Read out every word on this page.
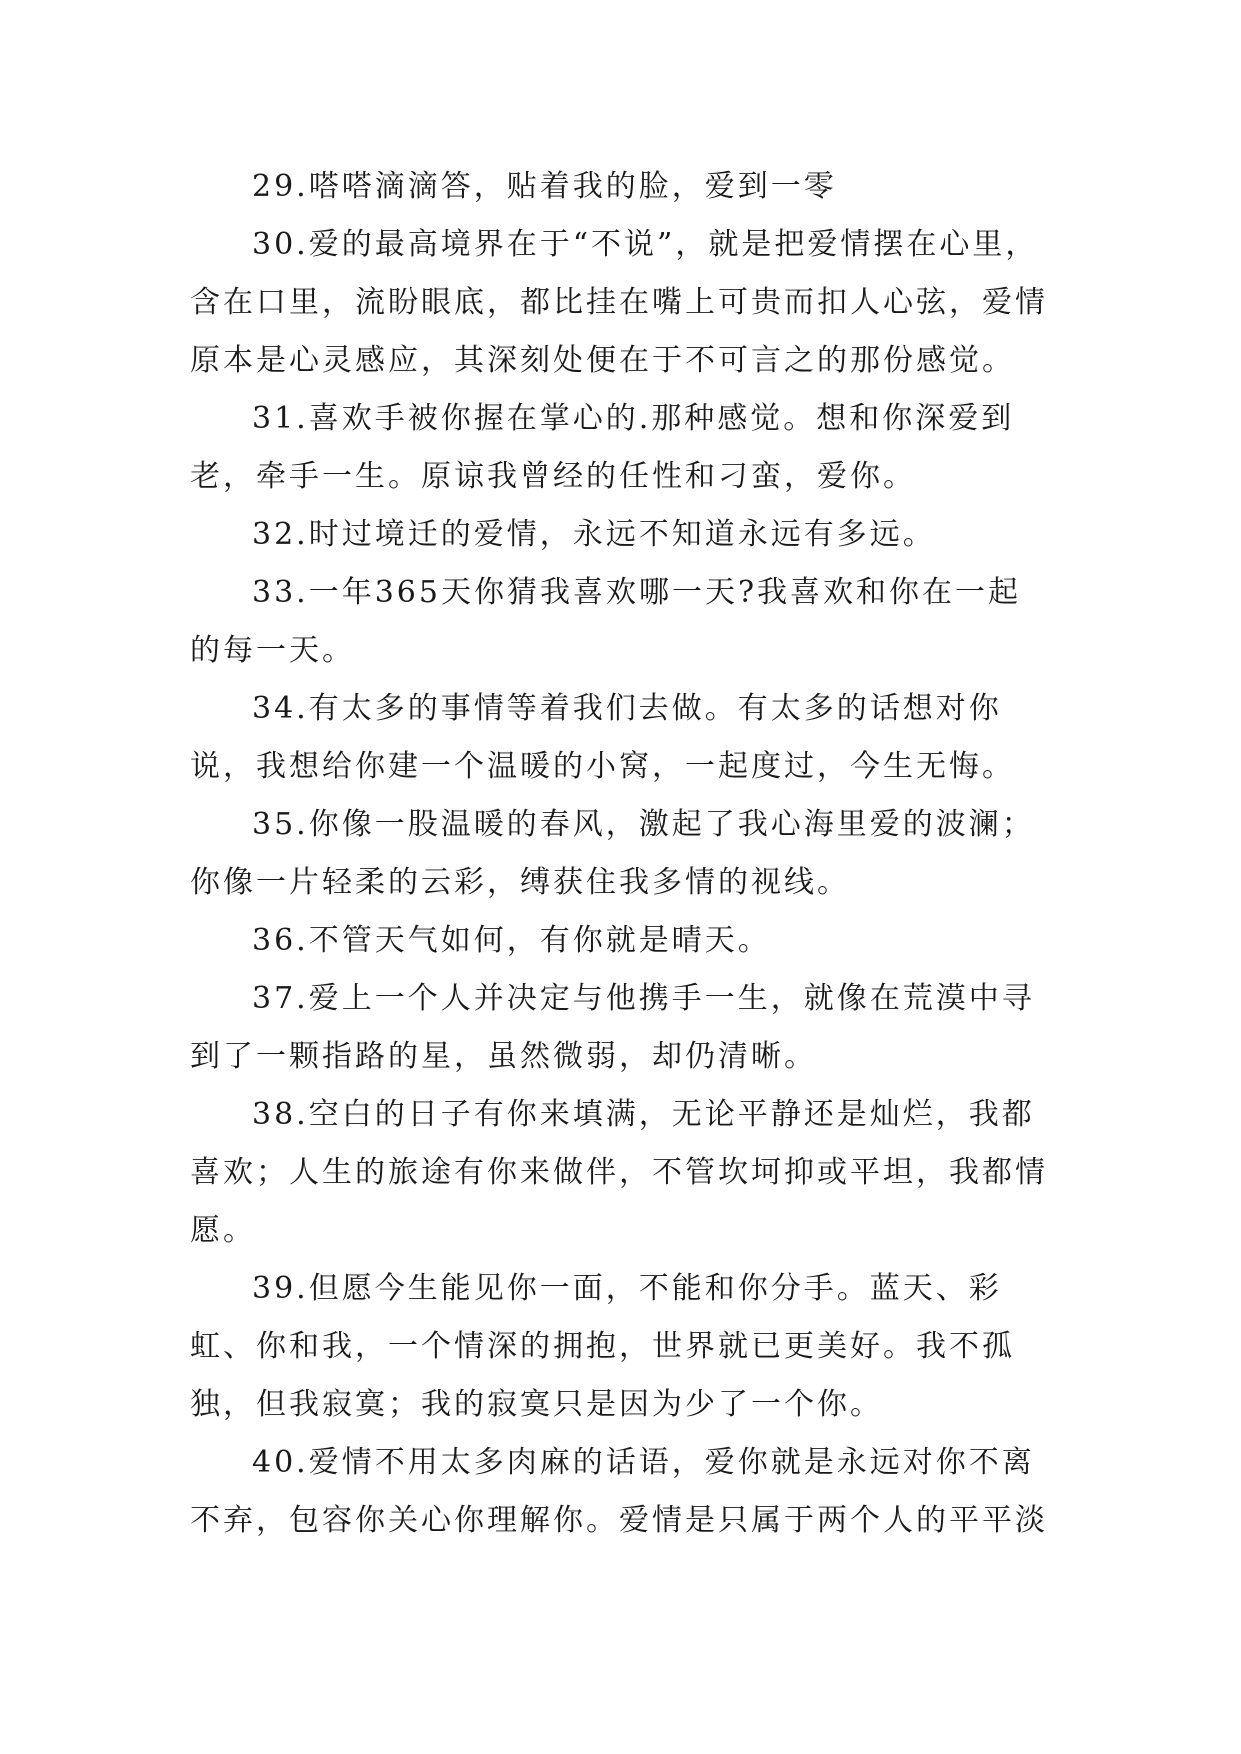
29.嗒嗒滴滴答，贴着我的脸，爱到一零

30.爱的最高境界在于“不说”，就是把爱情摆在心里，含在口里，流盼眼底，都比挂在嘴上可贵而扣人心弦，爱情原本是心灵感应，其深刻处便在于不可言之的那份感觉。

31.喜欢手被你握在掌心的.那种感觉。想和你深爱到老，牵手一生。原谅我曾经的任性和刁蛮，爱你。

32.时过境迁的爱情，永远不知道永远有多远。

33.一年365天你猜我喜欢哪一天?我喜欢和你在一起的每一天。

34.有太多的事情等着我们去做。有太多的话想对你说，我想给你建一个温暖的小窝，一起度过，今生无悔。

35.你像一股温暖的春风，激起了我心海里爱的波澜；你像一片轻柔的云彩，缚获住我多情的视线。

36.不管天气如何，有你就是晴天。

37.爱上一个人并决定与他携手一生，就像在荒漠中寻到了一颗指路的星，虽然微弱，却仍清晰。

38.空白的日子有你来填满，无论平静还是灿烂，我都喜欢；人生的旅途有你来做伴，不管坎坷抑或平坦，我都情愿。

39.但愿今生能见你一面，不能和你分手。蓝天、彩虹、你和我，一个情深的拥抱，世界就已更美好。我不孤独，但我寂寞；我的寂寞只是因为少了一个你。

40.爱情不用太多肉麻的话语，爱你就是永远对你不离不弃，包容你关心你理解你。爱情是只属于两个人的平平淡
